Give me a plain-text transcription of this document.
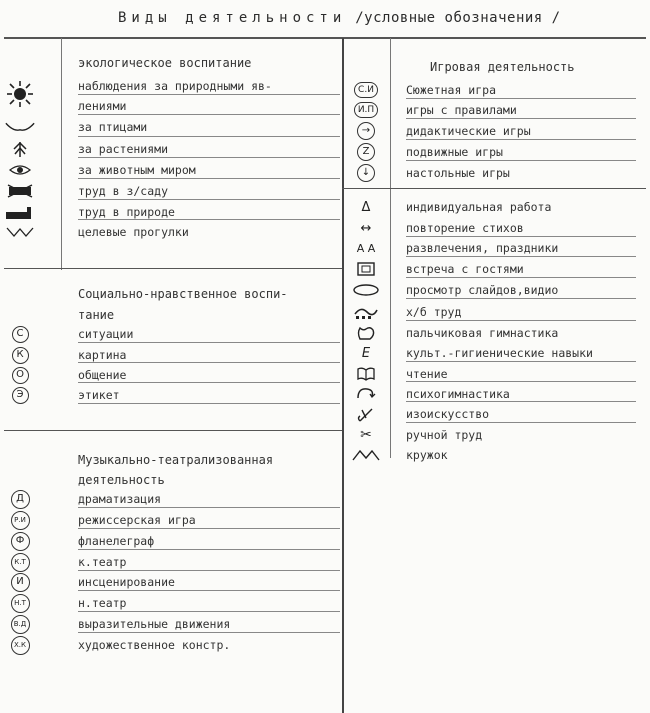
Виды деятельности /условные обозначения /
экологическое воспитание
наблюдения за природными яв-
лениями
за птицами
за растениями
за животным миром
труд в з/саду
труд в природе
целевые прогулки
Социально-нравственное воспи-
тание
С	ситуации
К	картина
О	общение
Э	этикет
Музыкально-театрализованная
деятельность
Д	драматизация
Р.И	режиссерская игра
Ф	фланелеграф
К.Т	к.театр
И	инсценирование
Н.Т	н.театр
В.Д	выразительные движения
Х.К	художественное констр.
Игровая деятельность
С.И	Сюжетная игра
И.П	игры с правилами
→	дидактические игры
Z	подвижные игры
↓	настольные игры
Δ	индивидуальная работа
↔	повторение стихов
А А	развлечения, праздники
встреча с гостями
просмотр слайдов,видио
х/б труд
пальчиковая гимнастика
Е	культ.-гигиенические навыки
чтение
психогимнастика
изоискусство
✂	ручной труд
кружок
